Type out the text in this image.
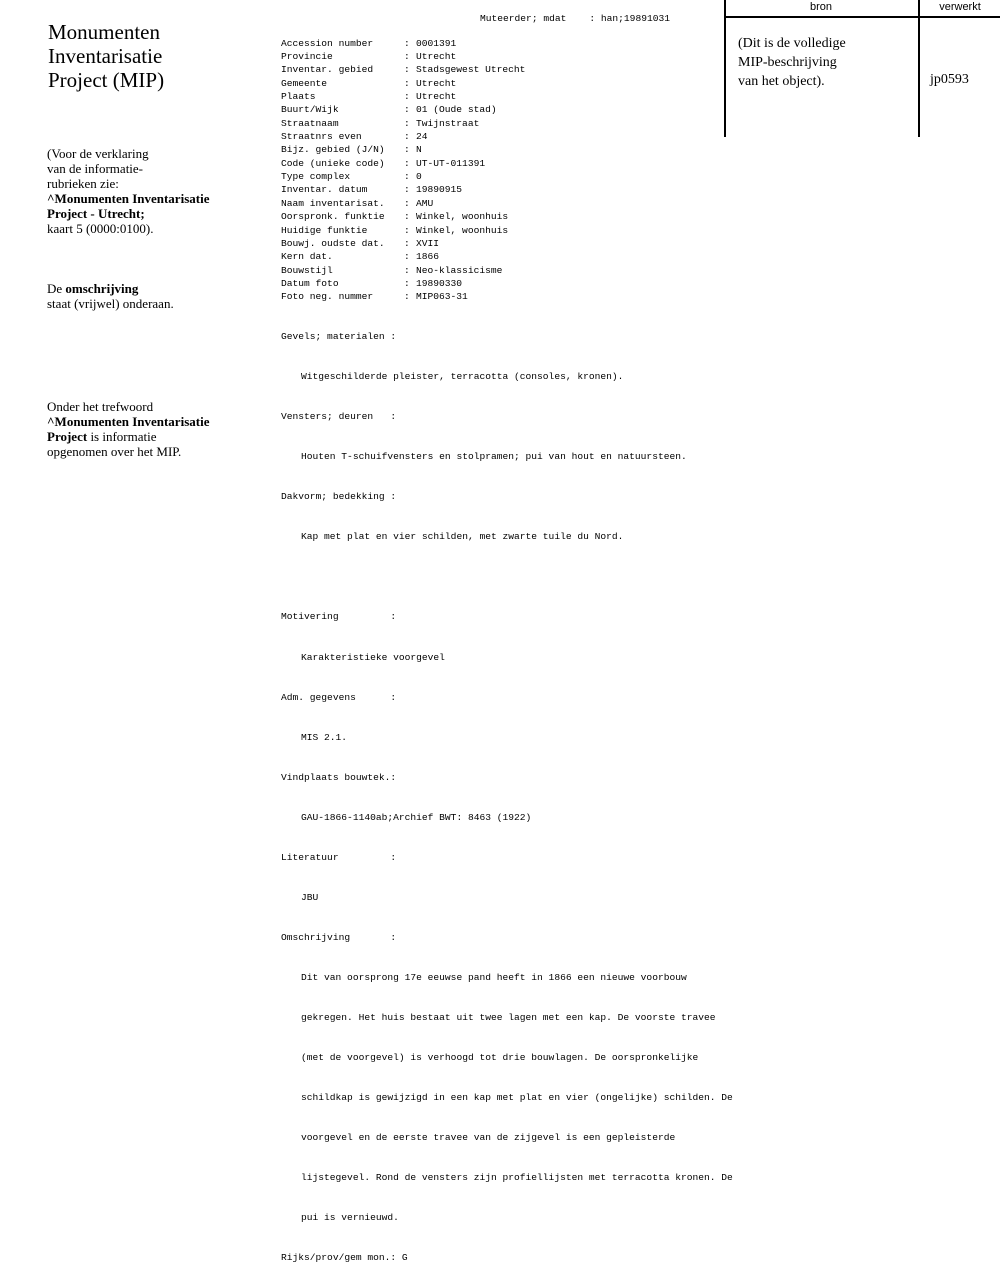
Monumenten
Inventarisatie
Project (MIP)
(Voor de verklaring
van de informatie-
rubrieken zie:
^Monumenten Inventarisatie
Project - Utrecht;
kaart 5 (0000:0100).
De omschrijving
staat (vrijwel) onderaan.
Onder het trefwoord
^Monumenten Inventarisatie
Project is informatie
opgenomen over het MIP.
Muteerder; mdat    : han;19891031

Accession number	: 0001391
Provincie	: Utrecht
Inventar. gebied	: Stadsgewest Utrecht
Gemeente	: Utrecht
Plaats	: Utrecht
Buurt/Wijk	: 01 (Oude stad)
Straatnaam	: Twijnstraat
Straatnrs even	: 24
Bijz. gebied (J/N) : N
Code (unieke code) : UT-UT-011391
Type complex	: 0
Inventar. datum	: 19890915
Naam inventarisat. : AMU
Oorspronk. funktie : Winkel, woonhuis
Huidige funktie	: Winkel, woonhuis
Bouwj. oudste dat. : XVII
Kern dat.	: 1866
Bouwstijl	: Neo-klassicisme
Datum foto	: 19890330
Foto neg. nummer	: MIP063-31

Gevels; materialen :

Witgeschilderde pleister, terracotta (consoles, kronen).

Vensters; deuren   :

Houten T-schuifvensters en stolpramen; pui van hout en natuursteen.

Dakvorm; bedekking :

Kap met plat en vier schilden, met zwarte tuile du Nord.

Motivering         :

Karakteristieke voorgevel

Adm. gegevens      :

MIS 2.1.

Vindplaats bouwtek.:

GAU-1866-1140ab;Archief BWT: 8463 (1922)

Literatuur         :

JBU

Omschrijving       :

Dit van oorsprong 17e eeuwse pand heeft in 1866 een nieuwe voorbouw

gekregen. Het huis bestaat uit twee lagen met een kap. De voorste travee

(met de voorgevel) is verhoogd tot drie bouwlagen. De oorspronkelijke

schildkap is gewijzigd in een kap met plat en vier (ongelijke) schilden. De

voorgevel en de eerste travee van de zijgevel is een gepleisterde

lijstegevel. Rond de vensters zijn profiellijsten met terracotta kronen. De

pui is vernieuwd.

Rijks/prov/gem mon.: G

bron	verwerkt
(Dit is de volledige
MIP-beschrijving
van het object).	jp0593
